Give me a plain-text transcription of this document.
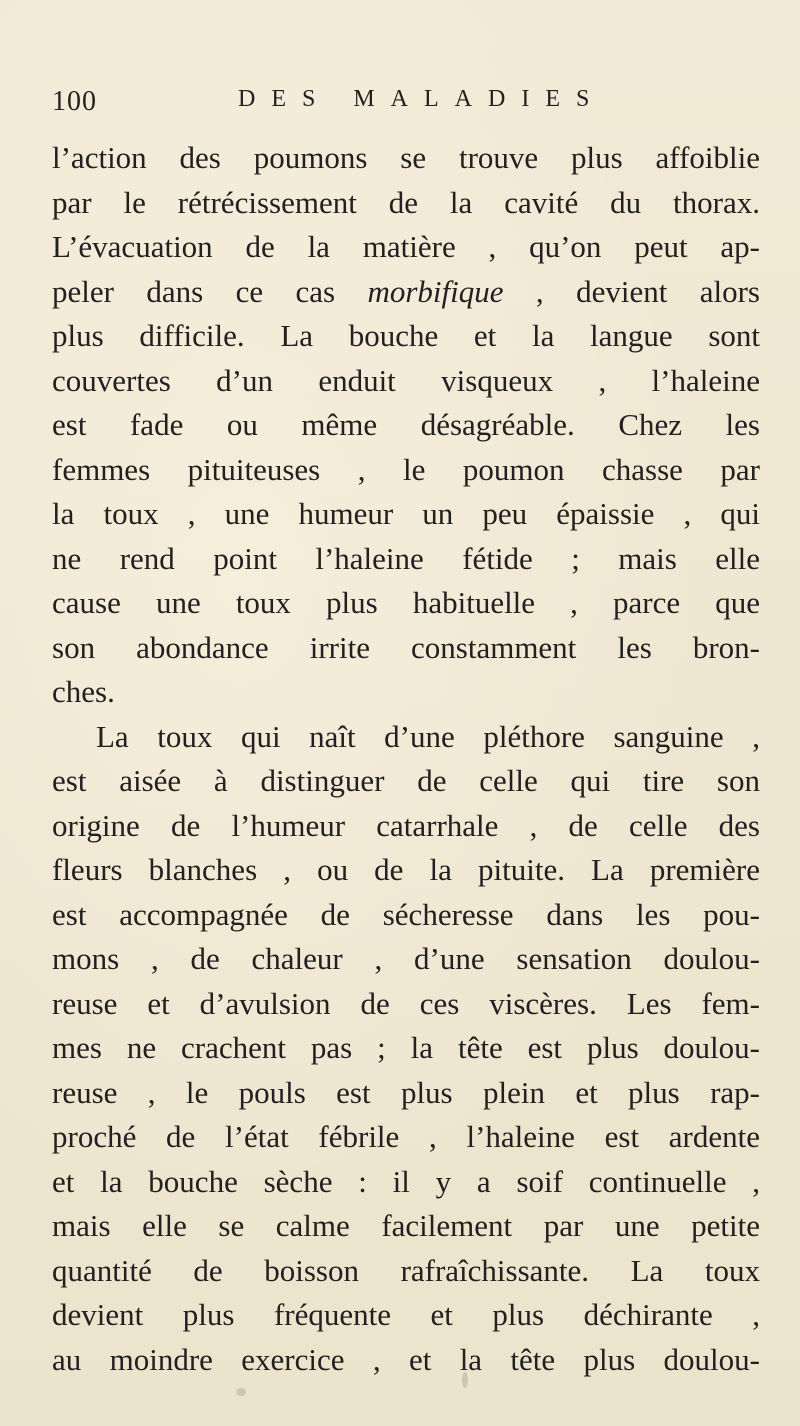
100	DES MALADIES
l’action des poumons se trouve plus affoiblie
par le rétrécissement de la cavité du thorax.
L’évacuation de la matière , qu’on peut ap-
peler dans ce cas morbifique , devient alors
plus difficile. La bouche et la langue sont
couvertes d’un enduit visqueux , l’haleine
est fade ou même désagréable. Chez les
femmes pituiteuses , le poumon chasse par
la toux , une humeur un peu épaissie , qui
ne rend point l’haleine fétide ; mais elle
cause une toux plus habituelle , parce que
son abondance irrite constamment les bron-
ches.
La toux qui naît d’une pléthore sanguine ,
est aisée à distinguer de celle qui tire son
origine de l’humeur catarrhale , de celle des
fleurs blanches , ou de la pituite. La première
est accompagnée de sécheresse dans les pou-
mons , de chaleur , d’une sensation doulou-
reuse et d’avulsion de ces viscères. Les fem-
mes ne crachent pas ; la tête est plus doulou-
reuse , le pouls est plus plein et plus rap-
proché de l’état fébrile , l’haleine est ardente
et la bouche sèche : il y a soif continuelle ,
mais elle se calme facilement par une petite
quantité de boisson rafraîchissante. La toux
devient plus fréquente et plus déchirante ,
au moindre exercice , et la tête plus doulou-
